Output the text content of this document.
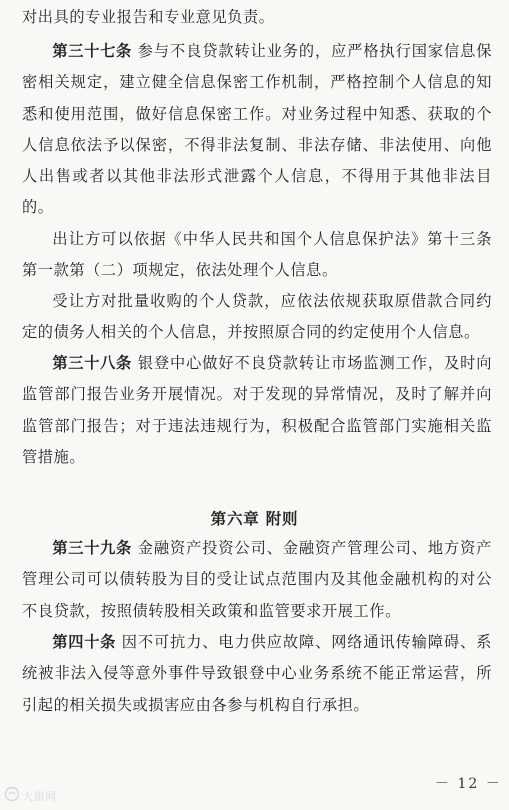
对出具的专业报告和专业意见负责。

第三十七条 参与不良贷款转让业务的，应严格执行国家信息保密相关规定，建立健全信息保密工作机制，严格控制个人信息的知悉和使用范围，做好信息保密工作。对业务过程中知悉、获取的个人信息依法予以保密，不得非法复制、非法存储、非法使用、向他人出售或者以其他非法形式泄露个人信息，不得用于其他非法目的。

出让方可以依据《中华人民共和国个人信息保护法》第十三条第一款第（二）项规定，依法处理个人信息。

受让方对批量收购的个人贷款，应依法依规获取原借款合同约定的债务人相关的个人信息，并按照原合同的约定使用个人信息。

第三十八条 银登中心做好不良贷款转让市场监测工作，及时向监管部门报告业务开展情况。对于发现的异常情况，及时了解并向监管部门报告；对于违法违规行为，积极配合监管部门实施相关监管措施。

第六章 附则

第三十九条 金融资产投资公司、金融资产管理公司、地方资产管理公司可以债转股为目的受让试点范围内及其他金融机构的对公不良贷款，按照债转股相关政策和监管要求开展工作。

第四十条 因不可抗力、电力供应故障、网络通讯传输障碍、系统被非法入侵等意外事件导致银登中心业务系统不能正常运营，所引起的相关损失或损害应由各参与机构自行承担。

－ 12 －
大旗网
